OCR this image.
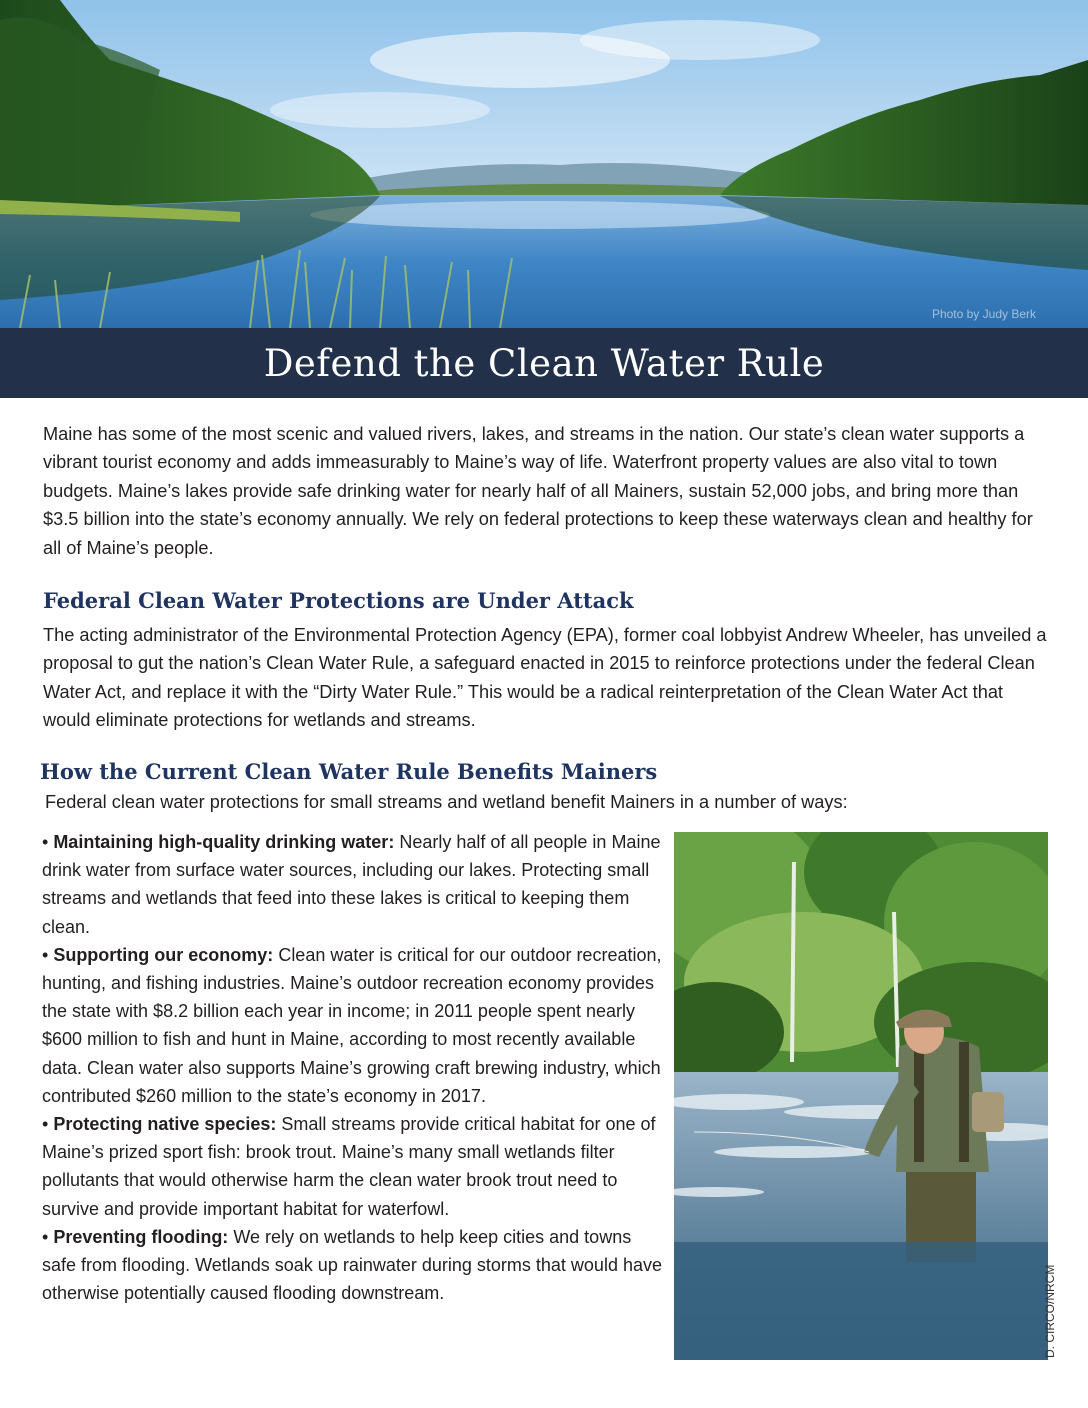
Photo by Judy Berk
Defend the Clean Water Rule

Maine has some of the most scenic and valued rivers, lakes, and streams in the nation. Our state’s clean water supports a vibrant tourist economy and adds immeasurably to Maine’s way of life. Waterfront property values are also vital to town budgets. Maine’s lakes provide safe drinking water for nearly half of all Mainers, sustain 52,000 jobs, and bring more than $3.5 billion into the state’s economy annually. We rely on federal protections to keep these waterways clean and healthy for all of Maine’s people.

Federal Clean Water Protections are Under Attack

The acting administrator of the Environmental Protection Agency (EPA), former coal lobbyist Andrew Wheeler, has unveiled a proposal to gut the nation’s Clean Water Rule, a safeguard enacted in 2015 to reinforce protections under the federal Clean Water Act, and replace it with the “Dirty Water Rule.” This would be a radical reinterpretation of the Clean Water Act that would eliminate protections for wetlands and streams.

How the Current Clean Water Rule Benefits Mainers

Federal clean water protections for small streams and wetland benefit Mainers in a number of ways:

• Maintaining high-quality drinking water: Nearly half of all people in Maine drink water from surface water sources, including our lakes. Protecting small streams and wetlands that feed into these lakes is critical to keeping them clean.

• Supporting our economy: Clean water is critical for our outdoor recreation, hunting, and fishing industries. Maine’s outdoor recreation economy provides the state with $8.2 billion each year in income; in 2011 people spent nearly $600 million to fish and hunt in Maine, according to most recently available data. Clean water also supports Maine’s growing craft brewing industry, which contributed $260 million to the state’s economy in 2017.

• Protecting native species: Small streams provide critical habitat for one of Maine’s prized sport fish: brook trout. Maine’s many small wetlands filter pollutants that would otherwise harm the clean water brook trout need to survive and provide important habitat for waterfowl.

• Preventing flooding: We rely on wetlands to help keep cities and towns safe from flooding. Wetlands soak up rainwater during storms that would have otherwise potentially caused flooding downstream.	D. CIRCO/NRCM
